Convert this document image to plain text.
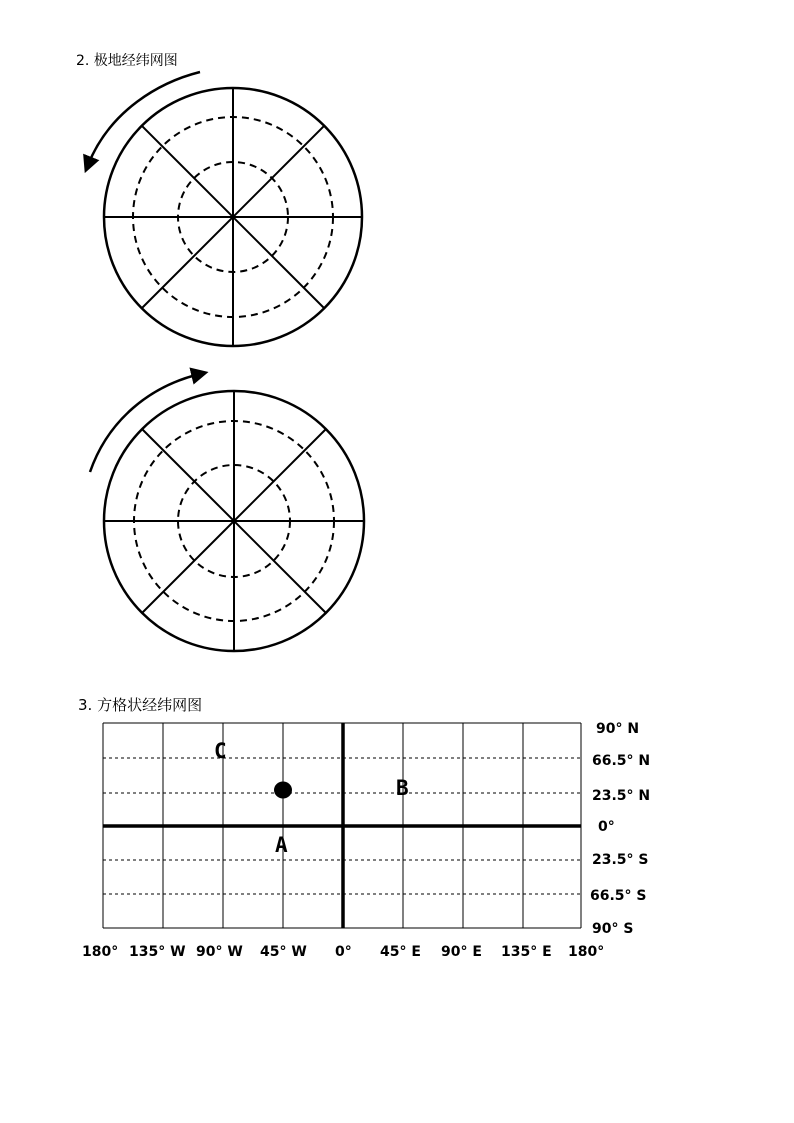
2. 极地经纬网图
3. 方格状经纬网图
C
B
A
90° N
66.5° N
23.5° N
0°
23.5° S
66.5° S
90° S
180° 135° W 90° W 45° W 0° 45° E 90° E 135° E 180°
